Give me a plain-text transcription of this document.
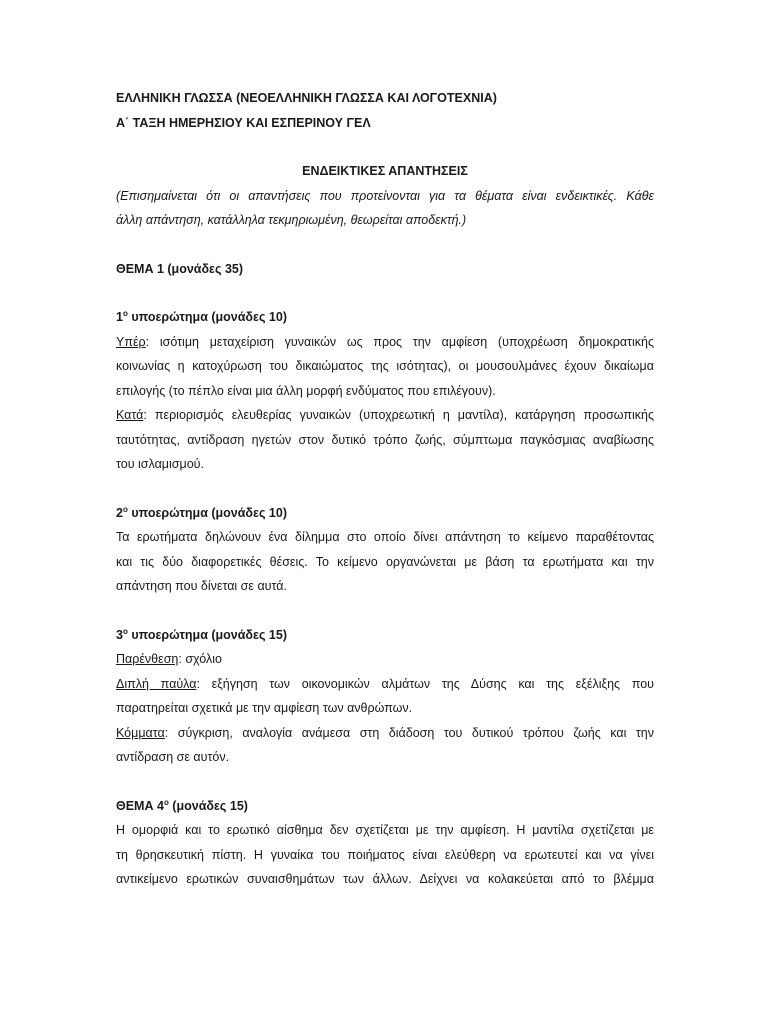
ΕΛΛΗΝΙΚΗ ΓΛΩΣΣΑ (ΝΕΟΕΛΛΗΝΙΚΗ ΓΛΩΣΣΑ ΚΑΙ ΛΟΓΟΤΕΧΝΙΑ)
Α΄ ΤΑΞΗ ΗΜΕΡΗΣΙΟΥ ΚΑΙ ΕΣΠΕΡΙΝΟΥ ΓΕΛ
ΕΝΔΕΙΚΤΙΚΕΣ ΑΠΑΝΤΗΣΕΙΣ
(Επισημαίνεται ότι οι απαντήσεις που προτείνονται για τα θέματα είναι ενδεικτικές. Κάθε
άλλη απάντηση, κατάλληλα τεκμηριωμένη, θεωρείται αποδεκτή.)
ΘΕΜΑ 1 (μονάδες 35)
$1^o$ υποερώτημα (μονάδες 10)
Υπέρ: ισότιμη μεταχείριση γυναικών ως προς την αμφίεση (υποχρέωση δημοκρατικής
κοινωνίας η κατοχύρωση του δικαιώματος της ισότητας), οι μουσουλμάνες έχουν δικαίωμα
επιλογής (το πέπλο είναι μια άλλη μορφή ενδύματος που επιλέγουν).
Κατά: περιορισμός ελευθερίας γυναικών (υποχρεωτική η μαντίλα), κατάργηση προσωπικής
ταυτότητας, αντίδραση ηγετών στον δυτικό τρόπο ζωής, σύμπτωμα παγκόσμιας αναβίωσης
του ισλαμισμού.
$2^o$ υποερώτημα (μονάδες 10)
Τα ερωτήματα δηλώνουν ένα δίλημμα στο οποίο δίνει απάντηση το κείμενο παραθέτοντας
και τις δύο διαφορετικές θέσεις. Το κείμενο οργανώνεται με βάση τα ερωτήματα και την
απάντηση που δίνεται σε αυτά.
$3^o$ υποερώτημα (μονάδες 15)
Παρένθεση: σχόλιο
Διπλή παύλα: εξήγηση των οικονομικών αλμάτων της Δύσης και της εξέλιξης που
παρατηρείται σχετικά με την αμφίεση των ανθρώπων.
Κόμματα: σύγκριση, αναλογία ανάμεσα στη διάδοση του δυτικού τρόπου ζωής και την
αντίδραση σε αυτόν.
ΘΕΜΑ $4^o$ (μονάδες 15)
Η ομορφιά και το ερωτικό αίσθημα δεν σχετίζεται με την αμφίεση. Η μαντίλα σχετίζεται με
τη θρησκευτική πίστη. Η γυναίκα του ποιήματος είναι ελεύθερη να ερωτευτεί και να γίνει
αντικείμενο ερωτικών συναισθημάτων των άλλων. Δείχνει να κολακεύεται από το βλέμμα
